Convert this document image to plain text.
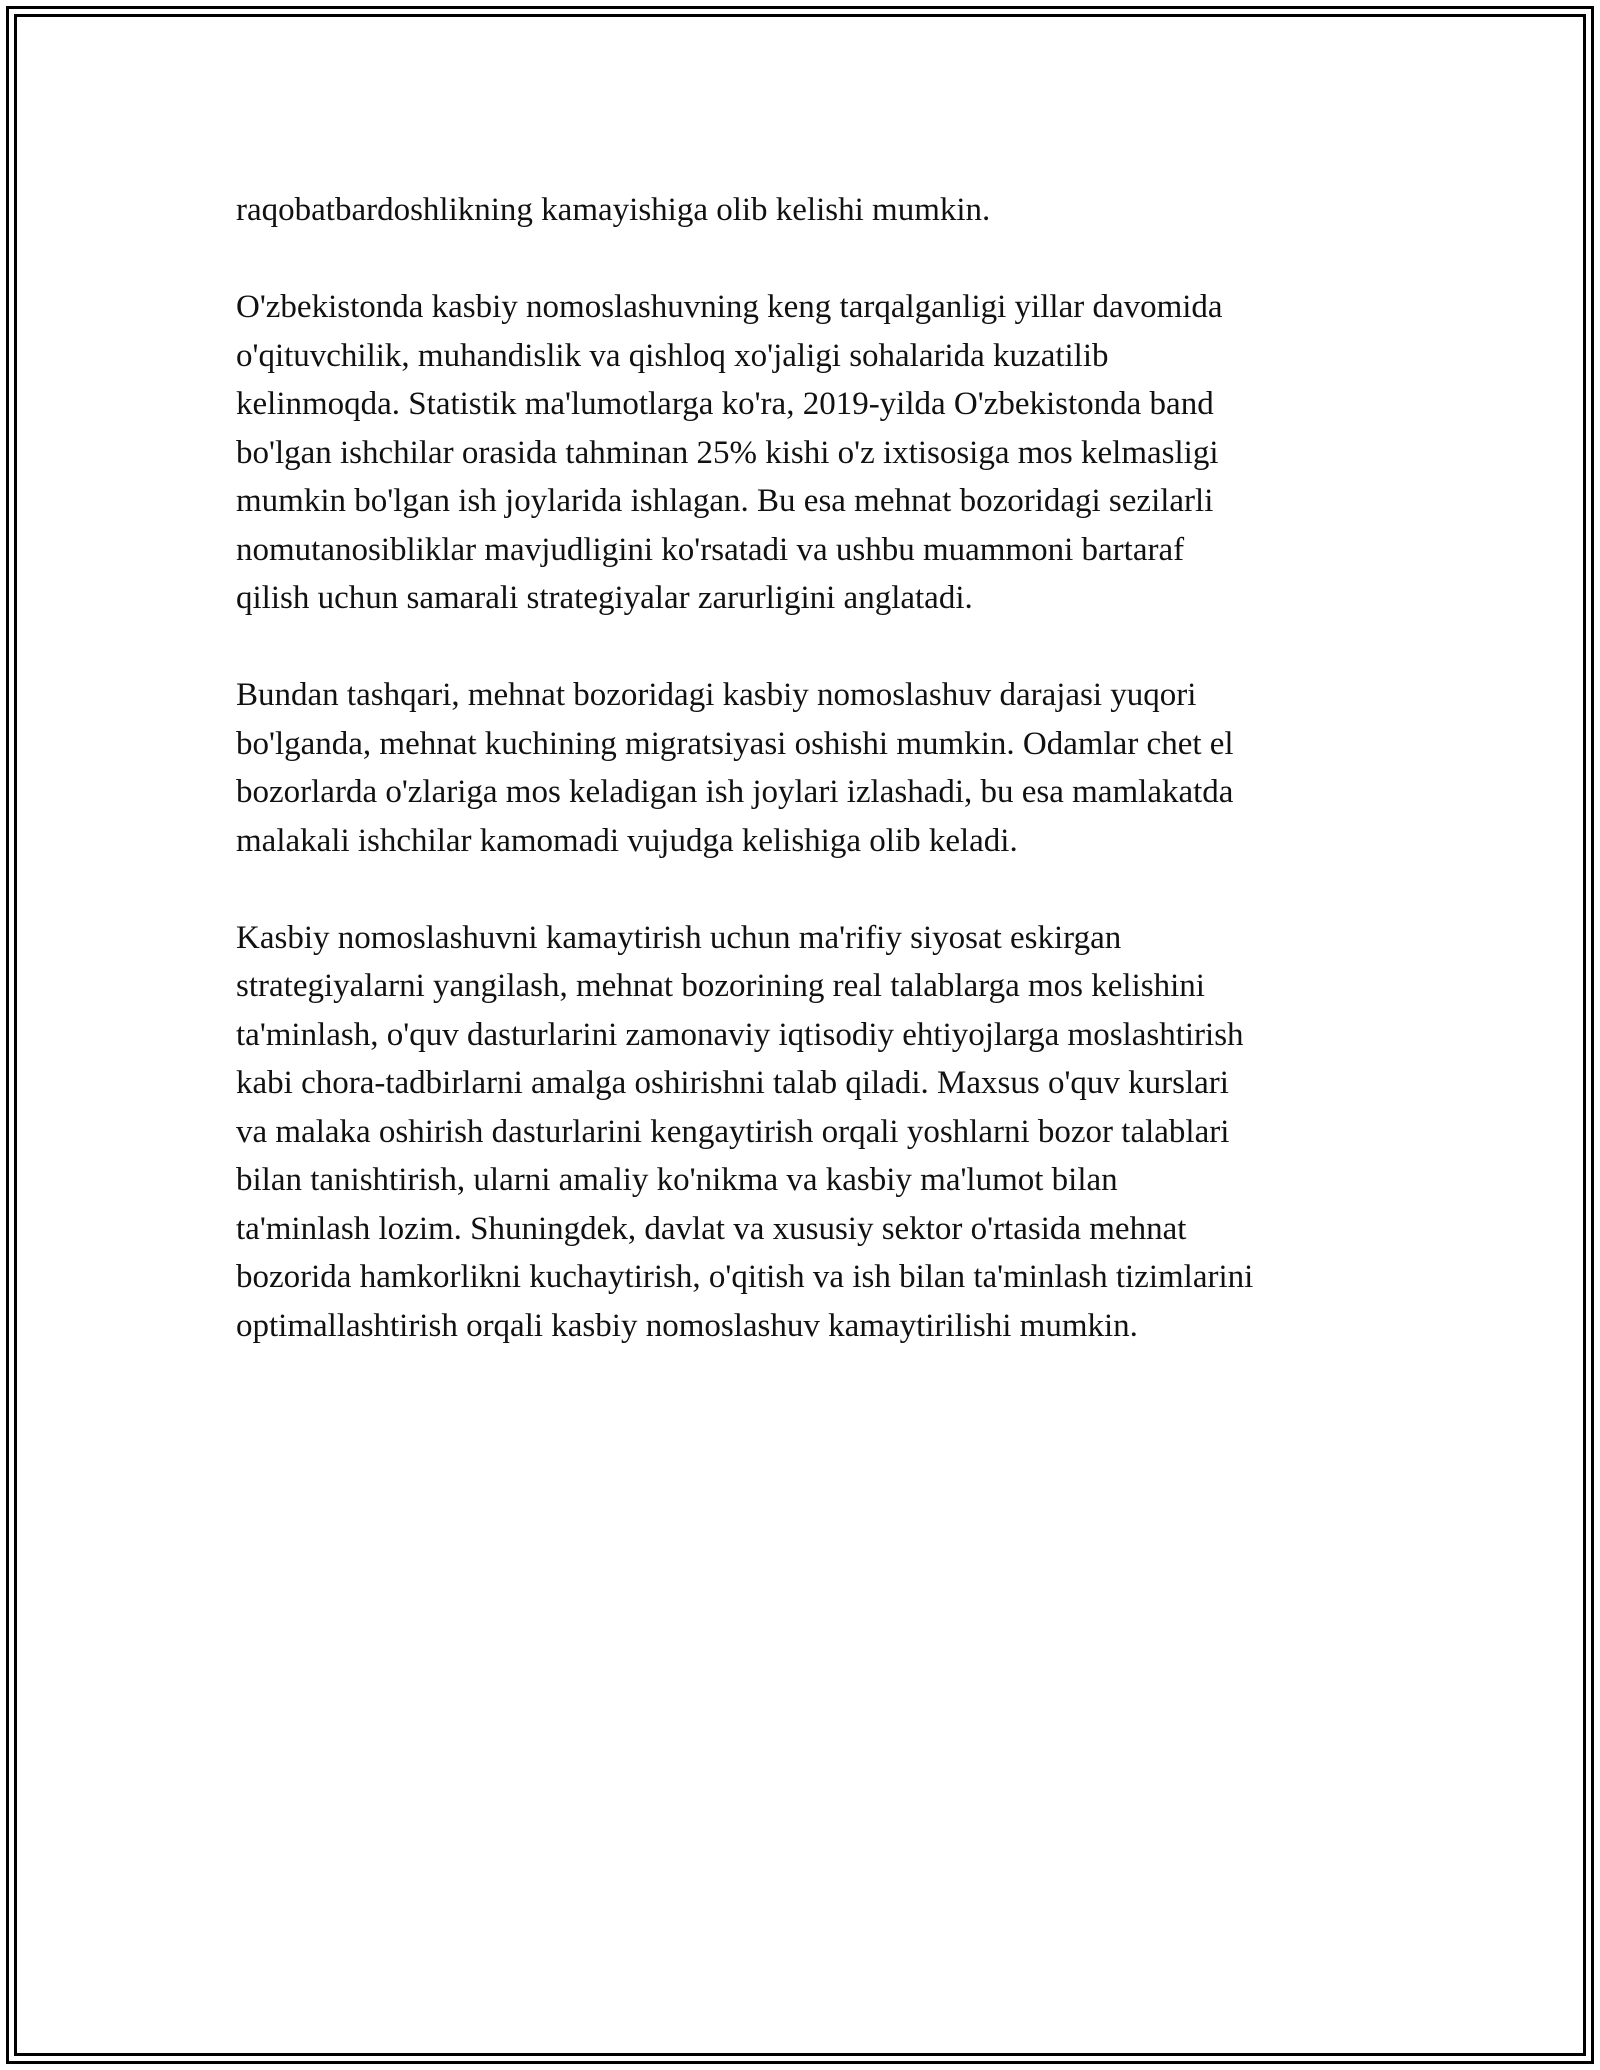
raqobatbardoshlikning kamayishiga olib kelishi mumkin.

O'zbekistonda kasbiy nomoslashuvning keng tarqalganligi yillar davomida
o'qituvchilik, muhandislik va qishloq xo'jaligi sohalarida kuzatilib
kelinmoqda. Statistik ma'lumotlarga ko'ra, 2019-yilda O'zbekistonda band
bo'lgan ishchilar orasida tahminan 25% kishi o'z ixtisosiga mos kelmasligi
mumkin bo'lgan ish joylarida ishlagan. Bu esa mehnat bozoridagi sezilarli
nomutanosibliklar mavjudligini ko'rsatadi va ushbu muammoni bartaraf
qilish uchun samarali strategiyalar zarurligini anglatadi.

Bundan tashqari, mehnat bozoridagi kasbiy nomoslashuv darajasi yuqori
bo'lganda, mehnat kuchining migratsiyasi oshishi mumkin. Odamlar chet el
bozorlarda o'zlariga mos keladigan ish joylari izlashadi, bu esa mamlakatda
malakali ishchilar kamomadi vujudga kelishiga olib keladi.

Kasbiy nomoslashuvni kamaytirish uchun ma'rifiy siyosat eskirgan
strategiyalarni yangilash, mehnat bozorining real talablarga mos kelishini
ta'minlash, o'quv dasturlarini zamonaviy iqtisodiy ehtiyojlarga moslashtirish
kabi chora-tadbirlarni amalga oshirishni talab qiladi. Maxsus o'quv kurslari
va malaka oshirish dasturlarini kengaytirish orqali yoshlarni bozor talablari
bilan tanishtirish, ularni amaliy ko'nikma va kasbiy ma'lumot bilan
ta'minlash lozim. Shuningdek, davlat va xususiy sektor o'rtasida mehnat
bozorida hamkorlikni kuchaytirish, o'qitish va ish bilan ta'minlash tizimlarini
optimallashtirish orqali kasbiy nomoslashuv kamaytirilishi mumkin.
